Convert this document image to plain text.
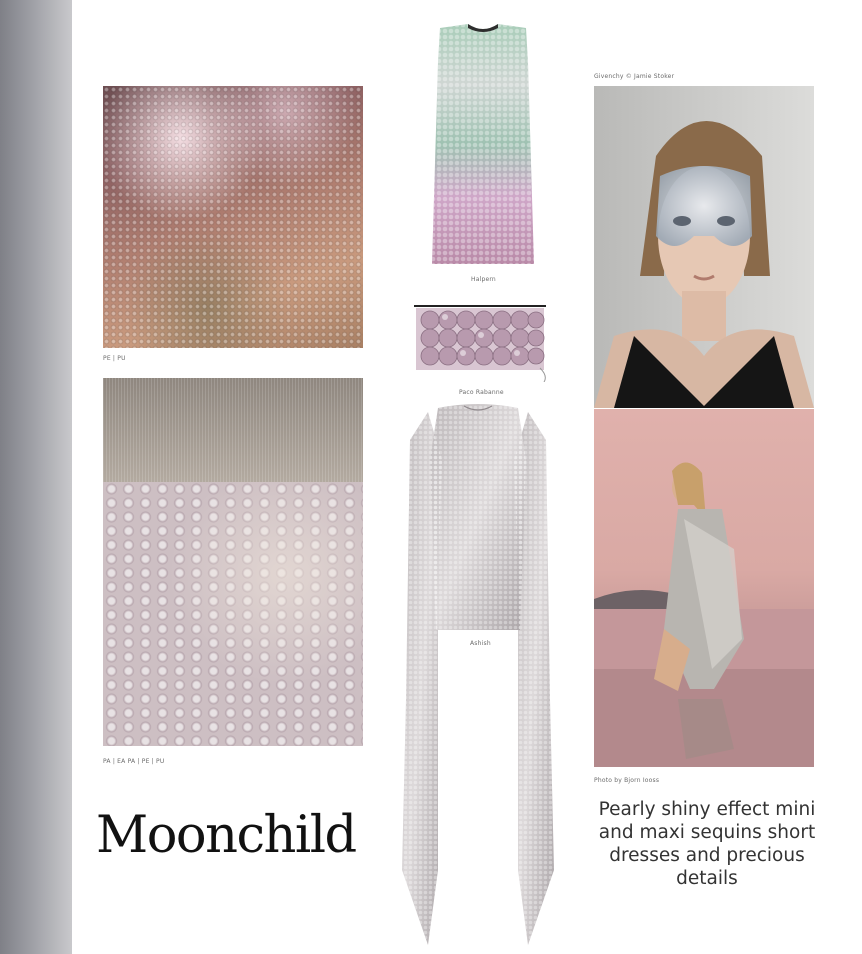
PE | PU
PA | EA PA | PE | PU
Moonchild
Halpern
Paco Rabanne
Ashish
Givenchy © Jamie Stoker
Photo by Bjorn Iooss
Pearly shiny effect mini and maxi sequins short dresses and precious details
